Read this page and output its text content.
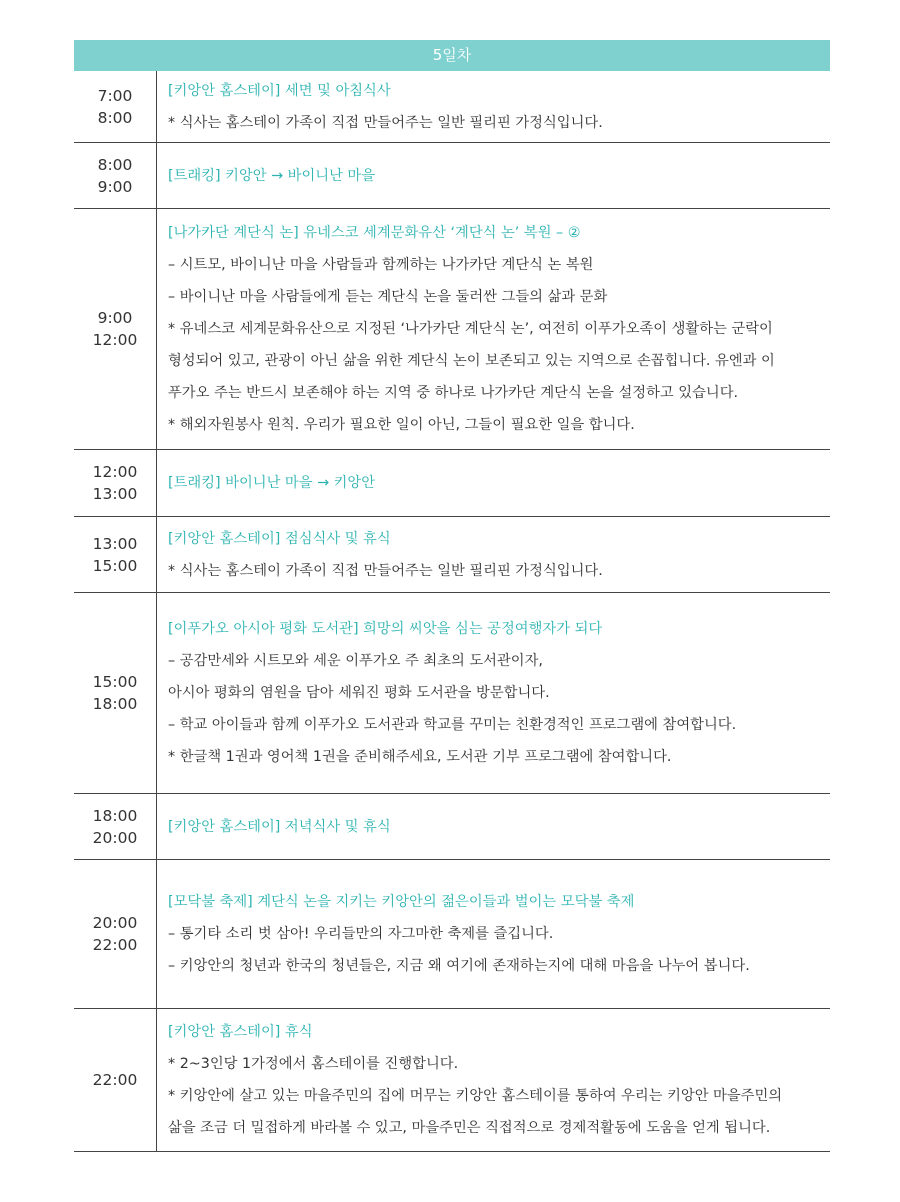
5일차
7:00
8:00
[키앙안 홈스테이] 세면 및 아침식사
* 식사는 홈스테이 가족이 직접 만들어주는 일반 필리핀 가정식입니다.
8:00
9:00
[트래킹] 키앙안 → 바이니난 마을
9:00
12:00
[나가카단 계단식 논] 유네스코 세계문화유산 ‘계단식 논’ 복원 – ②
– 시트모, 바이니난 마을 사람들과 함께하는 나가카단 계단식 논 복원
– 바이니난 마을 사람들에게 듣는 계단식 논을 둘러싼 그들의 삶과 문화
* 유네스코 세계문화유산으로 지정된 ‘나가카단 계단식 논’, 여전히 이푸가오족이 생활하는 군락이
형성되어 있고, 관광이 아닌 삶을 위한 계단식 논이 보존되고 있는 지역으로 손꼽힙니다. 유엔과 이
푸가오 주는 반드시 보존해야 하는 지역 중 하나로 나가카단 계단식 논을 설정하고 있습니다.
* 해외자원봉사 원칙. 우리가 필요한 일이 아닌, 그들이 필요한 일을 합니다.
12:00
13:00
[트래킹] 바이니난 마을 → 키앙안
13:00
15:00
[키앙안 홈스테이] 점심식사 및 휴식
* 식사는 홈스테이 가족이 직접 만들어주는 일반 필리핀 가정식입니다.
15:00
18:00
[이푸가오 아시아 평화 도서관] 희망의 씨앗을 심는 공정여행자가 되다
– 공감만세와 시트모와 세운 이푸가오 주 최초의 도서관이자,
아시아 평화의 염원을 담아 세워진 평화 도서관을 방문합니다.
– 학교 아이들과 함께 이푸가오 도서관과 학교를 꾸미는 친환경적인 프로그램에 참여합니다.
* 한글책 1권과 영어책 1권을 준비해주세요, 도서관 기부 프로그램에 참여합니다.
18:00
20:00
[키앙안 홈스테이] 저녁식사 및 휴식
20:00
22:00
[모닥불 축제] 계단식 논을 지키는 키앙안의 젊은이들과 벌이는 모닥불 축제
– 통기타 소리 벗 삼아! 우리들만의 자그마한 축제를 즐깁니다.
– 키앙안의 청년과 한국의 청년들은, 지금 왜 여기에 존재하는지에 대해 마음을 나누어 봅니다.
22:00
[키앙안 홈스테이] 휴식
* 2~3인당 1가정에서 홈스테이를 진행합니다.
* 키앙안에 살고 있는 마을주민의 집에 머무는 키앙안 홈스테이를 통하여 우리는 키앙안 마을주민의
삶을 조금 더 밀접하게 바라볼 수 있고, 마을주민은 직접적으로 경제적활동에 도움을 얻게 됩니다.
